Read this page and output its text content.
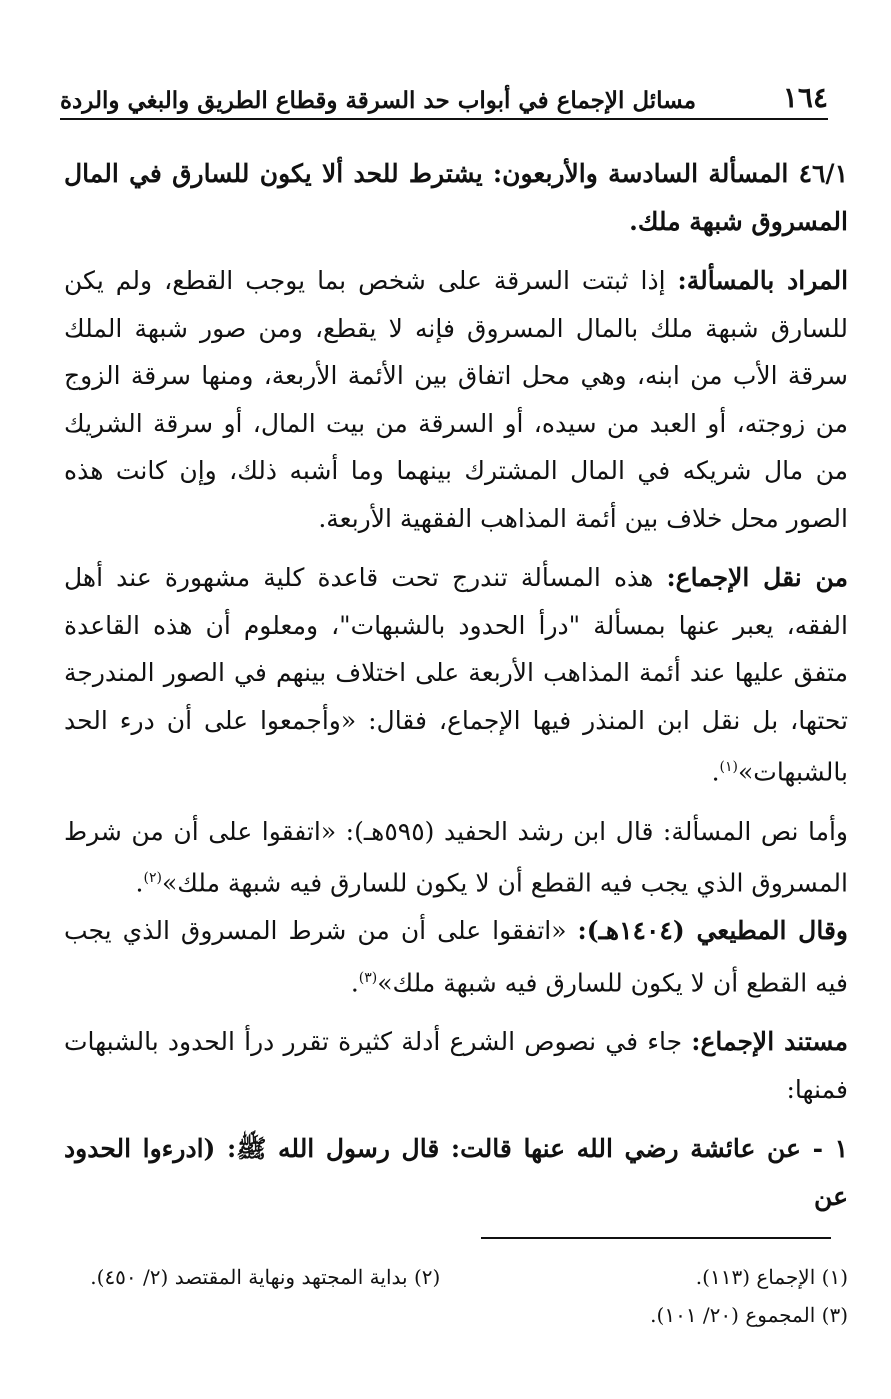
١٦٤
مسائل الإجماع في أبواب حد السرقة وقطاع الطريق والبغي والردة

٤٦/١ المسألة السادسة والأربعون: يشترط للحد ألا يكون للسارق في المال المسروق شبهة ملك.

المراد بالمسألة: إذا ثبتت السرقة على شخص بما يوجب القطع، ولم يكن للسارق شبهة ملك بالمال المسروق فإنه لا يقطع، ومن صور شبهة الملك سرقة الأب من ابنه، وهي محل اتفاق بين الأئمة الأربعة، ومنها سرقة الزوج من زوجته، أو العبد من سيده، أو السرقة من بيت المال، أو سرقة الشريك من مال شريكه في المال المشترك بينهما وما أشبه ذلك، وإن كانت هذه الصور محل خلاف بين أئمة المذاهب الفقهية الأربعة.

من نقل الإجماع: هذه المسألة تندرج تحت قاعدة كلية مشهورة عند أهل الفقه، يعبر عنها بمسألة "درأ الحدود بالشبهات"، ومعلوم أن هذه القاعدة متفق عليها عند أئمة المذاهب الأربعة على اختلاف بينهم في الصور المندرجة تحتها، بل نقل ابن المنذر فيها الإجماع، فقال: «وأجمعوا على أن درء الحد بالشبهات»$^{(١)}$.

وأما نص المسألة: قال ابن رشد الحفيد (٥٩٥هـ): «اتفقوا على أن من شرط المسروق الذي يجب فيه القطع أن لا يكون للسارق فيه شبهة ملك»$^{(٢)}$.
وقال المطيعي (١٤٠٤هـ): «اتفقوا على أن من شرط المسروق الذي يجب فيه القطع أن لا يكون للسارق فيه شبهة ملك»$^{(٣)}$.

مستند الإجماع: جاء في نصوص الشرع أدلة كثيرة تقرر درأ الحدود بالشبهات فمنها:

١ - عن عائشة رضي الله عنها قالت: قال رسول الله ﷺ: (ادرءوا الحدود عن

(١) الإجماع (١١٣).
(٢) بداية المجتهد ونهاية المقتصد (٢/ ٤٥٠).
(٣) المجموع (٢٠/ ١٠١).
